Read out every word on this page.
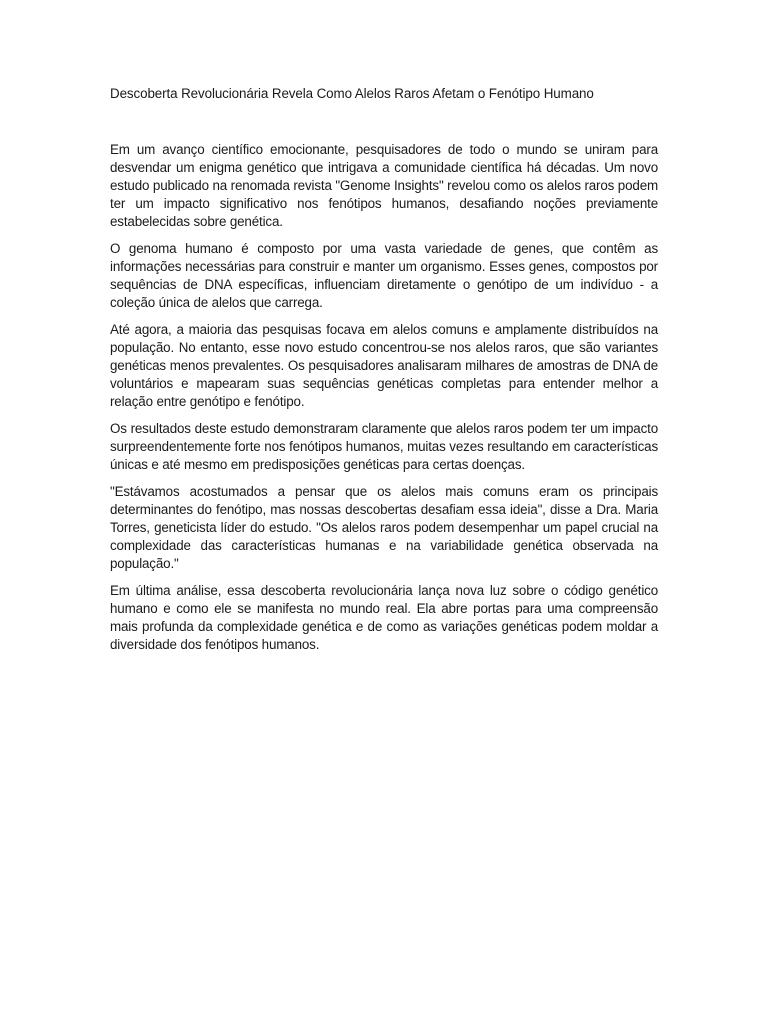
Descoberta Revolucionária Revela Como Alelos Raros Afetam o Fenótipo Humano

Em um avanço científico emocionante, pesquisadores de todo o mundo se uniram para desvendar um enigma genético que intrigava a comunidade científica há décadas. Um novo estudo publicado na renomada revista "Genome Insights" revelou como os alelos raros podem ter um impacto significativo nos fenótipos humanos, desafiando noções previamente estabelecidas sobre genética.

O genoma humano é composto por uma vasta variedade de genes, que contêm as informações necessárias para construir e manter um organismo. Esses genes, compostos por sequências de DNA específicas, influenciam diretamente o genótipo de um indivíduo - a coleção única de alelos que carrega.

Até agora, a maioria das pesquisas focava em alelos comuns e amplamente distribuídos na população. No entanto, esse novo estudo concentrou-se nos alelos raros, que são variantes genéticas menos prevalentes. Os pesquisadores analisaram milhares de amostras de DNA de voluntários e mapearam suas sequências genéticas completas para entender melhor a relação entre genótipo e fenótipo.

Os resultados deste estudo demonstraram claramente que alelos raros podem ter um impacto surpreendentemente forte nos fenótipos humanos, muitas vezes resultando em características únicas e até mesmo em predisposições genéticas para certas doenças.

"Estávamos acostumados a pensar que os alelos mais comuns eram os principais determinantes do fenótipo, mas nossas descobertas desafiam essa ideia", disse a Dra. Maria Torres, geneticista líder do estudo. "Os alelos raros podem desempenhar um papel crucial na complexidade das características humanas e na variabilidade genética observada na população."

Em última análise, essa descoberta revolucionária lança nova luz sobre o código genético humano e como ele se manifesta no mundo real. Ela abre portas para uma compreensão mais profunda da complexidade genética e de como as variações genéticas podem moldar a diversidade dos fenótipos humanos.
